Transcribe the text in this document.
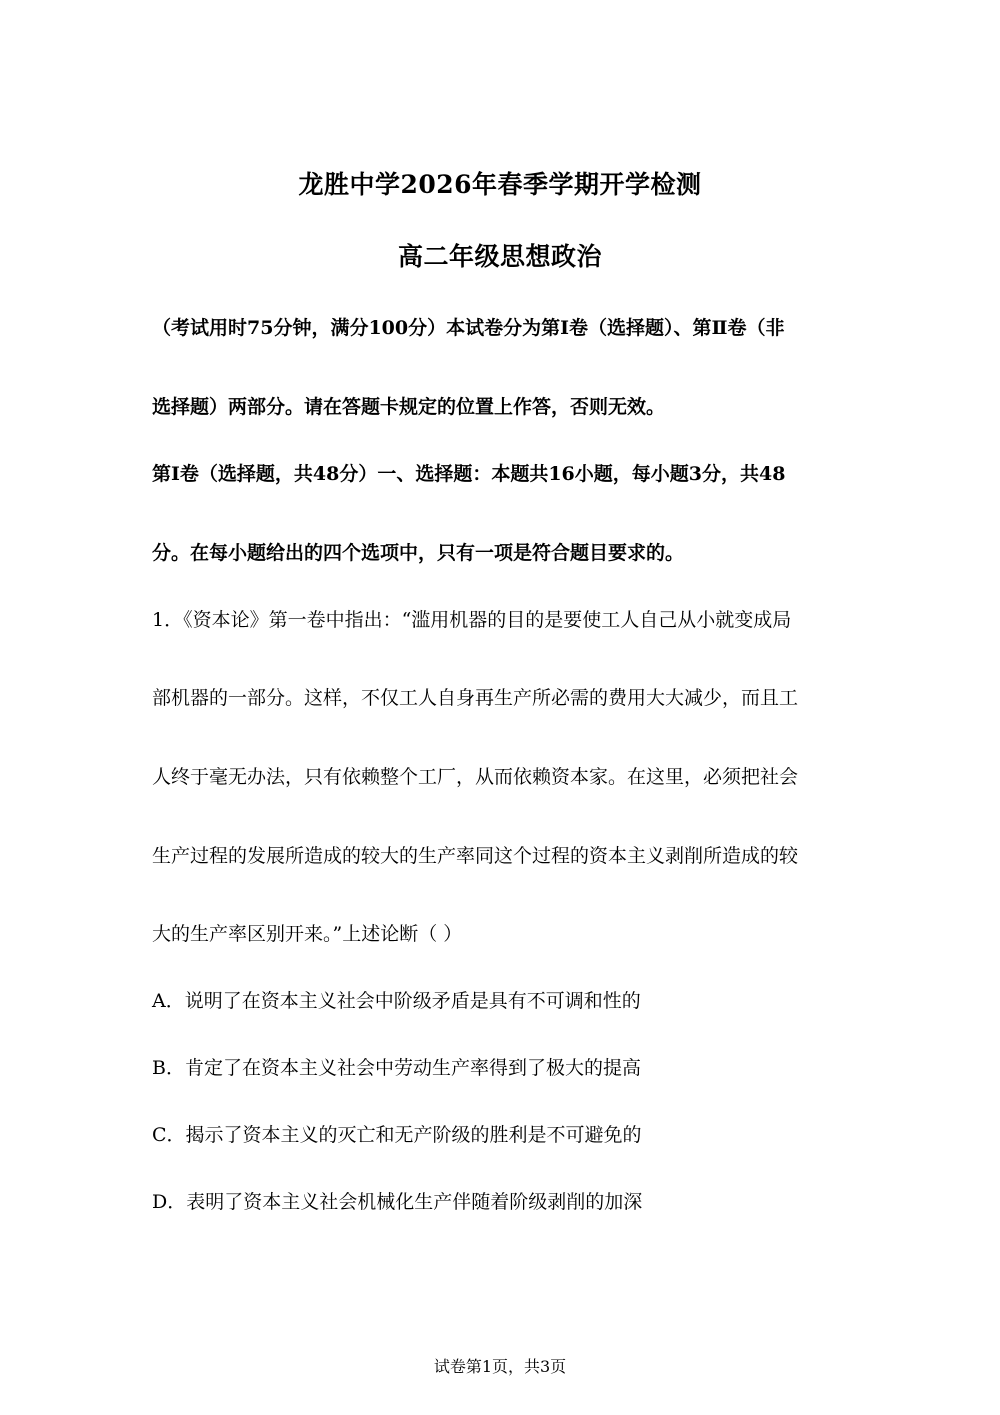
龙胜中学2026年春季学期开学检测
高二年级思想政治
（考试用时75分钟，满分100分）本试卷分为第Ⅰ卷（选择题）、第Ⅱ卷（非
选择题）两部分。请在答题卡规定的位置上作答，否则无效。
第Ⅰ卷（选择题，共48分）一、选择题：本题共16小题，每小题3分，共48
分。在每小题给出的四个选项中，只有一项是符合题目要求的。
1．《资本论》第一卷中指出：“滥用机器的目的是要使工人自己从小就变成局
部机器的一部分。这样，不仅工人自身再生产所必需的费用大大减少，而且工
人终于毫无办法，只有依赖整个工厂，从而依赖资本家。在这里，必须把社会
生产过程的发展所造成的较大的生产率同这个过程的资本主义剥削所造成的较
大的生产率区别开来。”上述论断（ ）
A．说明了在资本主义社会中阶级矛盾是具有不可调和性的
B．肯定了在资本主义社会中劳动生产率得到了极大的提高
C．揭示了资本主义的灭亡和无产阶级的胜利是不可避免的
D．表明了资本主义社会机械化生产伴随着阶级剥削的加深
试卷第1页，共3页
